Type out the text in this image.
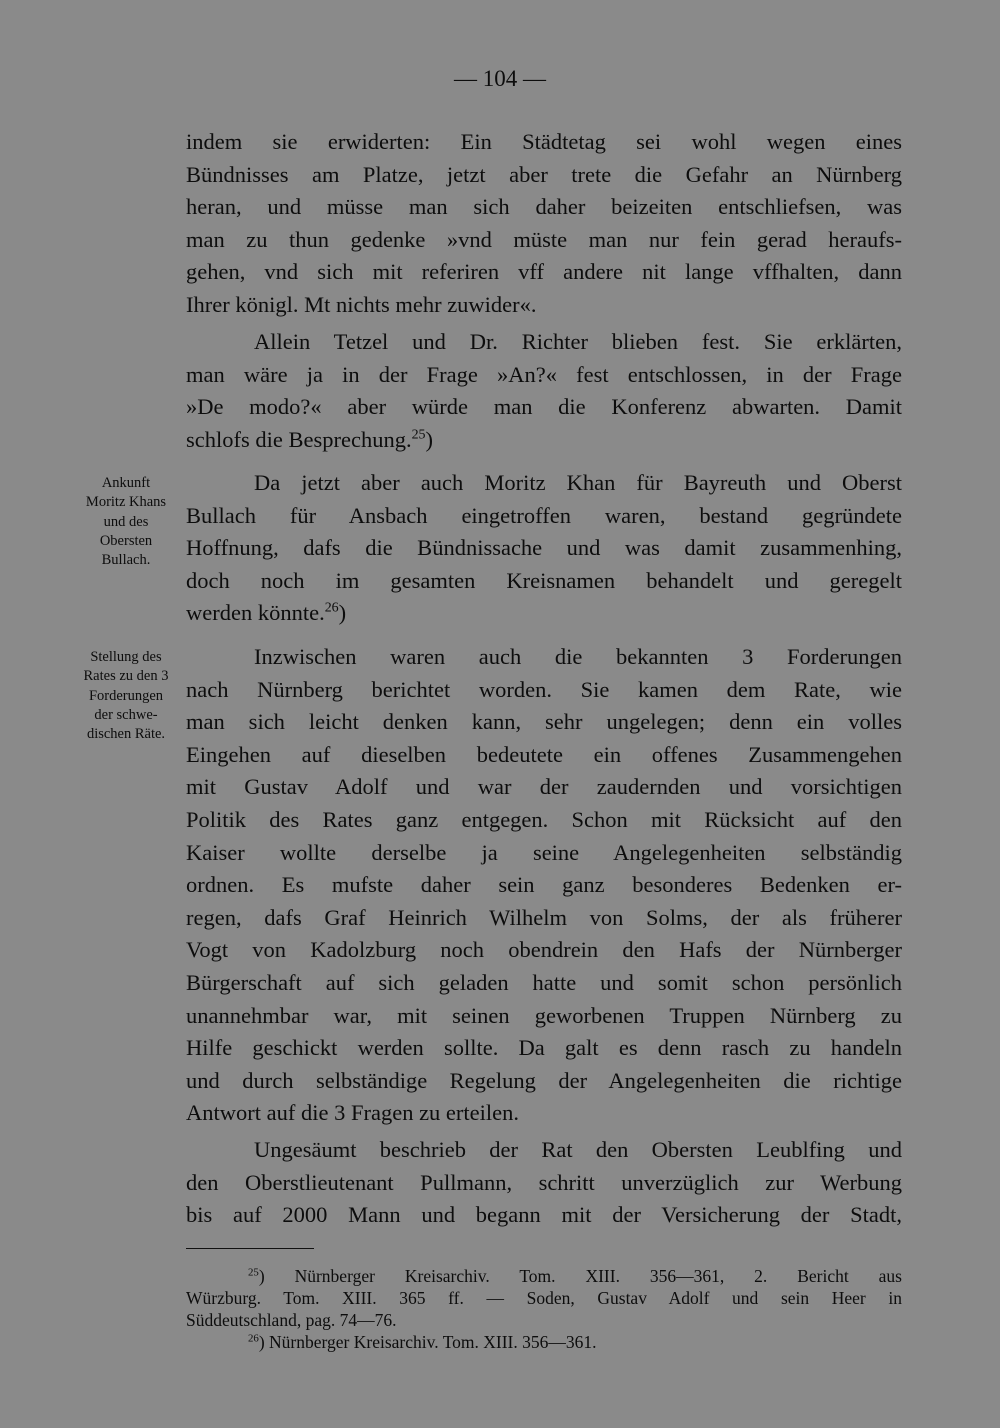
— 104 —
Ankunft
Moritz Khans
und des
Obersten
Bullach.
Stellung des
Rates zu den 3
Forderungen
der schwe-
dischen Räte.
indem sie erwiderten: Ein Städtetag sei wohl wegen eines
Bündnisses am Platze, jetzt aber trete die Gefahr an Nürnberg
heran, und müsse man sich daher beizeiten entschliefsen, was
man zu thun gedenke »vnd müste man nur fein gerad heraufs-
gehen, vnd sich mit referiren vff andere nit lange vffhalten, dann
Ihrer königl. Mt nichts mehr zuwider«.
Allein Tetzel und Dr. Richter blieben fest. Sie erklärten,
man wäre ja in der Frage »An?« fest entschlossen, in der Frage
»De modo?« aber würde man die Konferenz abwarten. Damit
schlofs die Besprechung.$^{25}$)
Da jetzt aber auch Moritz Khan für Bayreuth und Oberst
Bullach für Ansbach eingetroffen waren, bestand gegründete
Hoffnung, dafs die Bündnissache und was damit zusammenhing,
doch noch im gesamten Kreisnamen behandelt und geregelt
werden könnte.$^{26}$)
Inzwischen waren auch die bekannten 3 Forderungen
nach Nürnberg berichtet worden. Sie kamen dem Rate, wie
man sich leicht denken kann, sehr ungelegen; denn ein volles
Eingehen auf dieselben bedeutete ein offenes Zusammengehen
mit Gustav Adolf und war der zaudernden und vorsichtigen
Politik des Rates ganz entgegen. Schon mit Rücksicht auf den
Kaiser wollte derselbe ja seine Angelegenheiten selbständig
ordnen. Es mufste daher sein ganz besonderes Bedenken er-
regen, dafs Graf Heinrich Wilhelm von Solms, der als früherer
Vogt von Kadolzburg noch obendrein den Hafs der Nürnberger
Bürgerschaft auf sich geladen hatte und somit schon persönlich
unannehmbar war, mit seinen geworbenen Truppen Nürnberg zu
Hilfe geschickt werden sollte. Da galt es denn rasch zu handeln
und durch selbständige Regelung der Angelegenheiten die richtige
Antwort auf die 3 Fragen zu erteilen.
Ungesäumt beschrieb der Rat den Obersten Leublfing und
den Oberstlieutenant Pullmann, schritt unverzüglich zur Werbung
bis auf 2000 Mann und begann mit der Versicherung der Stadt,
$^{25}$) Nürnberger Kreisarchiv. Tom. XIII. 356—361, 2. Bericht aus
Würzburg. Tom. XIII. 365 ff. — Soden, Gustav Adolf und sein Heer in
Süddeutschland, pag. 74—76.
$^{26}$) Nürnberger Kreisarchiv. Tom. XIII. 356—361.
